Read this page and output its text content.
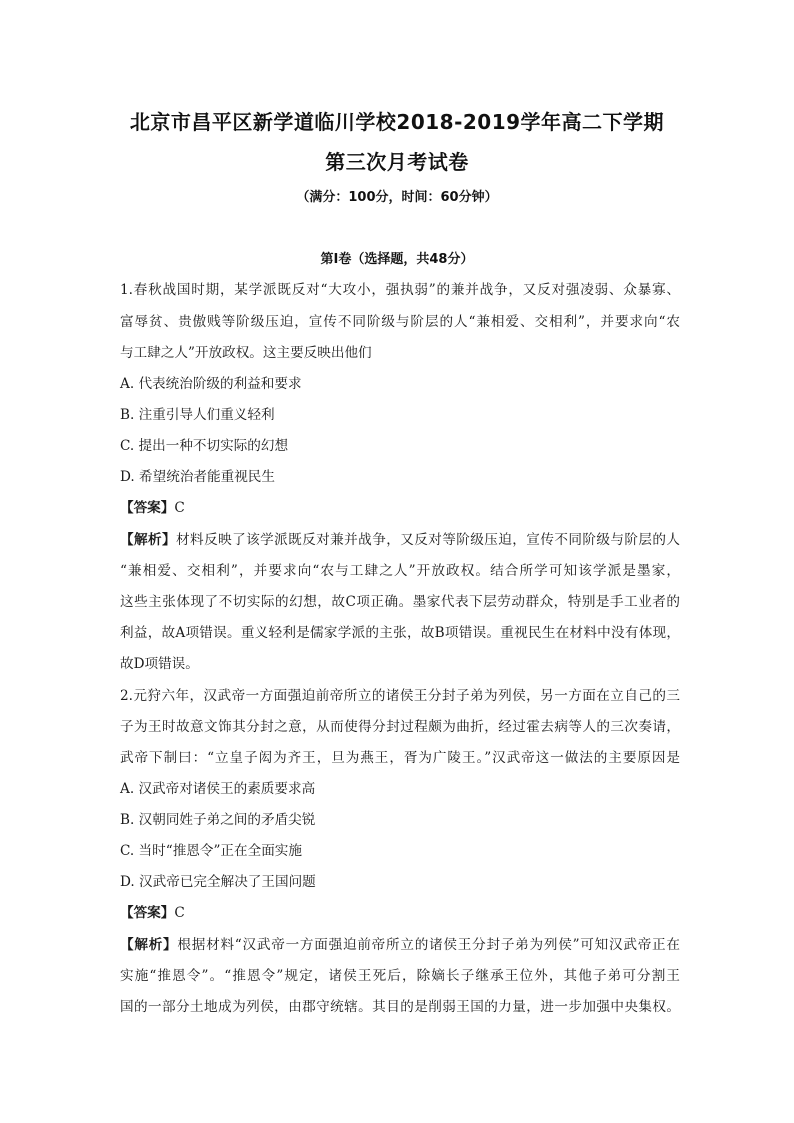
北京市昌平区新学道临川学校2018-2019学年高二下学期
第三次月考试卷
（满分：100分，时间：60分钟）
第Ⅰ卷（选择题，共48分）
1.春秋战国时期，某学派既反对“大攻小，强执弱”的兼并战争，又反对强凌弱、众暴寡、
富辱贫、贵傲贱等阶级压迫，宣传不同阶级与阶层的人“兼相爱、交相利”，并要求向“农
与工肆之人”开放政权。这主要反映出他们
A. 代表统治阶级的利益和要求
B. 注重引导人们重义轻利
C. 提出一种不切实际的幻想
D. 希望统治者能重视民生
【答案】C
【解析】材料反映了该学派既反对兼并战争，又反对等阶级压迫，宣传不同阶级与阶层的人
“兼相爱、交相利”，并要求向“农与工肆之人”开放政权。结合所学可知该学派是墨家，
这些主张体现了不切实际的幻想，故C项正确。墨家代表下层劳动群众，特别是手工业者的
利益，故A项错误。重义轻利是儒家学派的主张，故B项错误。重视民生在材料中没有体现，
故D项错误。
2.元狩六年，汉武帝一方面强迫前帝所立的诸侯王分封子弟为列侯，另一方面在立自己的三
子为王时故意文饰其分封之意，从而使得分封过程颇为曲折，经过霍去病等人的三次奏请，
武帝下制曰：“立皇子闳为齐王，旦为燕王，胥为广陵王。”汉武帝这一做法的主要原因是
A. 汉武帝对诸侯王的素质要求高
B. 汉朝同姓子弟之间的矛盾尖锐
C. 当时“推恩令”正在全面实施
D. 汉武帝已完全解决了王国问题
【答案】C
【解析】根据材料“汉武帝一方面强迫前帝所立的诸侯王分封子弟为列侯”可知汉武帝正在
实施“推恩令”。“推恩令”规定，诸侯王死后，除嫡长子继承王位外，其他子弟可分割王
国的一部分土地成为列侯，由郡守统辖。其目的是削弱王国的力量，进一步加强中央集权。
